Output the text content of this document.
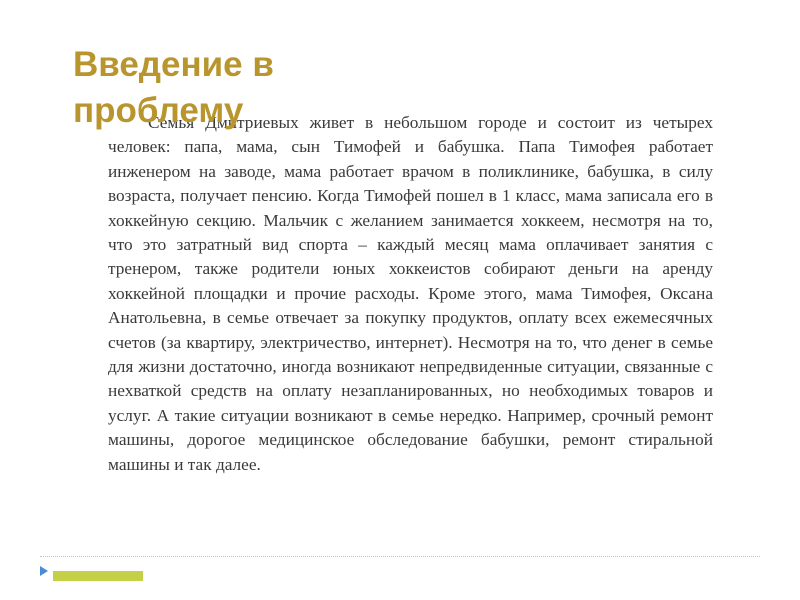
Семья Дмитриевых живет в небольшом городе и состоит из четырех человек: папа, мама, сын Тимофей и бабушка. Папа Тимофея работает инженером на заводе, мама работает врачом в поликлинике, бабушка, в силу возраста, получает пенсию. Когда Тимофей пошел в 1 класс, мама записала его в хоккейную секцию. Мальчик с желанием занимается хоккеем, несмотря на то, что это затратный вид спорта – каждый месяц мама оплачивает занятия с тренером, также родители юных хоккеистов собирают деньги на аренду хоккейной площадки и прочие расходы. Кроме этого, мама Тимофея, Оксана Анатольевна, в семье отвечает за покупку продуктов, оплату всех ежемесячных счетов (за квартиру, электричество, интернет). Несмотря на то, что денег в семье для жизни достаточно, иногда возникают непредвиденные ситуации, связанные с нехваткой средств на оплату незапланированных, но необходимых товаров и услуг. А такие ситуации возникают в семье нередко. Например, срочный ремонт машины, дорогое медицинское обследование бабушки, ремонт стиральной машины и так далее.

Введение в проблему
